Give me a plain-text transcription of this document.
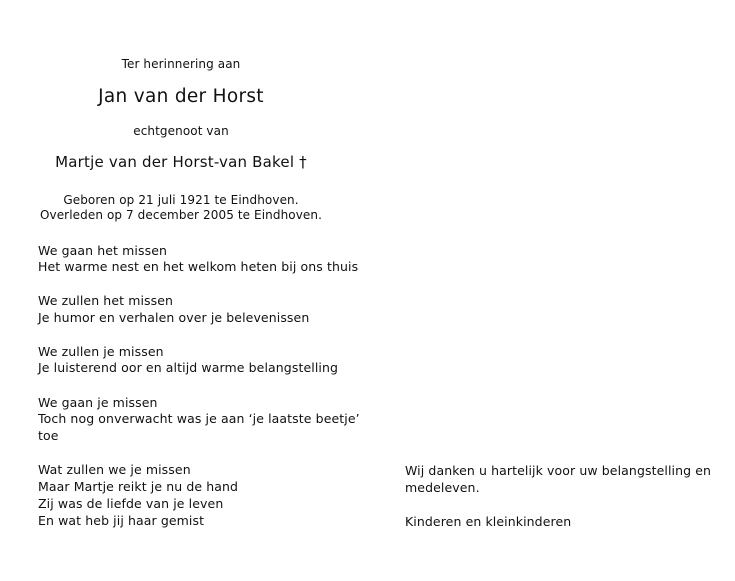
Ter herinnering aan
Jan van der Horst
echtgenoot van
Martje van der Horst-van Bakel †
Geboren op 21 juli 1921 te Eindhoven.
Overleden op 7 december 2005 te Eindhoven.
We gaan het missen
Het warme nest en het welkom heten bij ons thuis
We zullen het missen
Je humor en verhalen over je belevenissen
We zullen je missen
Je luisterend oor en altijd warme belangstelling
We gaan je missen
Toch nog onverwacht was je aan ‘je laatste beetje’
toe
Wat zullen we je missen
Maar Martje reikt je nu de hand
Zij was de liefde van je leven
En wat heb jij haar gemist
Wij danken u hartelijk voor uw belangstelling en
medeleven.
Kinderen en kleinkinderen
